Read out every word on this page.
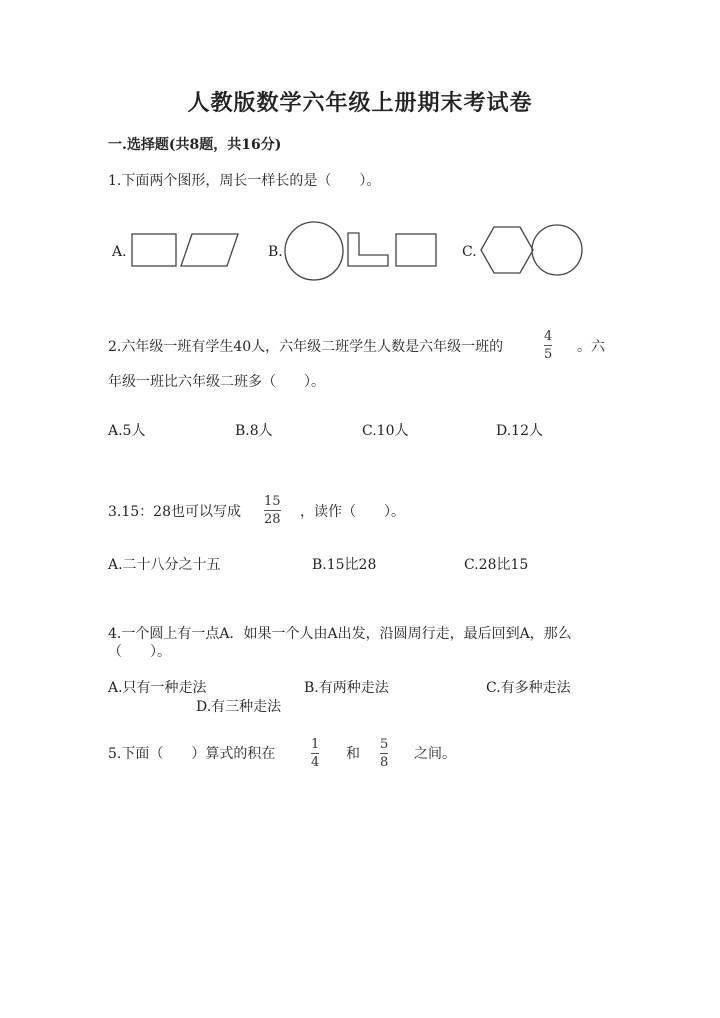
人教版数学六年级上册期末考试卷
一.选择题(共8题，共16分)
1.下面两个图形，周长一样长的是（　　）。
A.	B.	C.
2.六年级一班有学生40人，六年级二班学生人数是六年级一班的
4
5 。六
年级一班比六年级二班多（　　）。
A.5人	B.8人	C.10人	D.12人
3.15：28也可以写成
15
28 ，读作（　　）。
A.二十八分之十五	B.15比28	C.28比15
4.一个圆上有一点A．如果一个人由A出发，沿圆周行走，最后回到A，那么
（　　）。
A.只有一种走法	B.有两种走法	C.有多种走法
D.有三种走法
5.下面（　　）算式的积在
1
4
和
5
8
之间。
